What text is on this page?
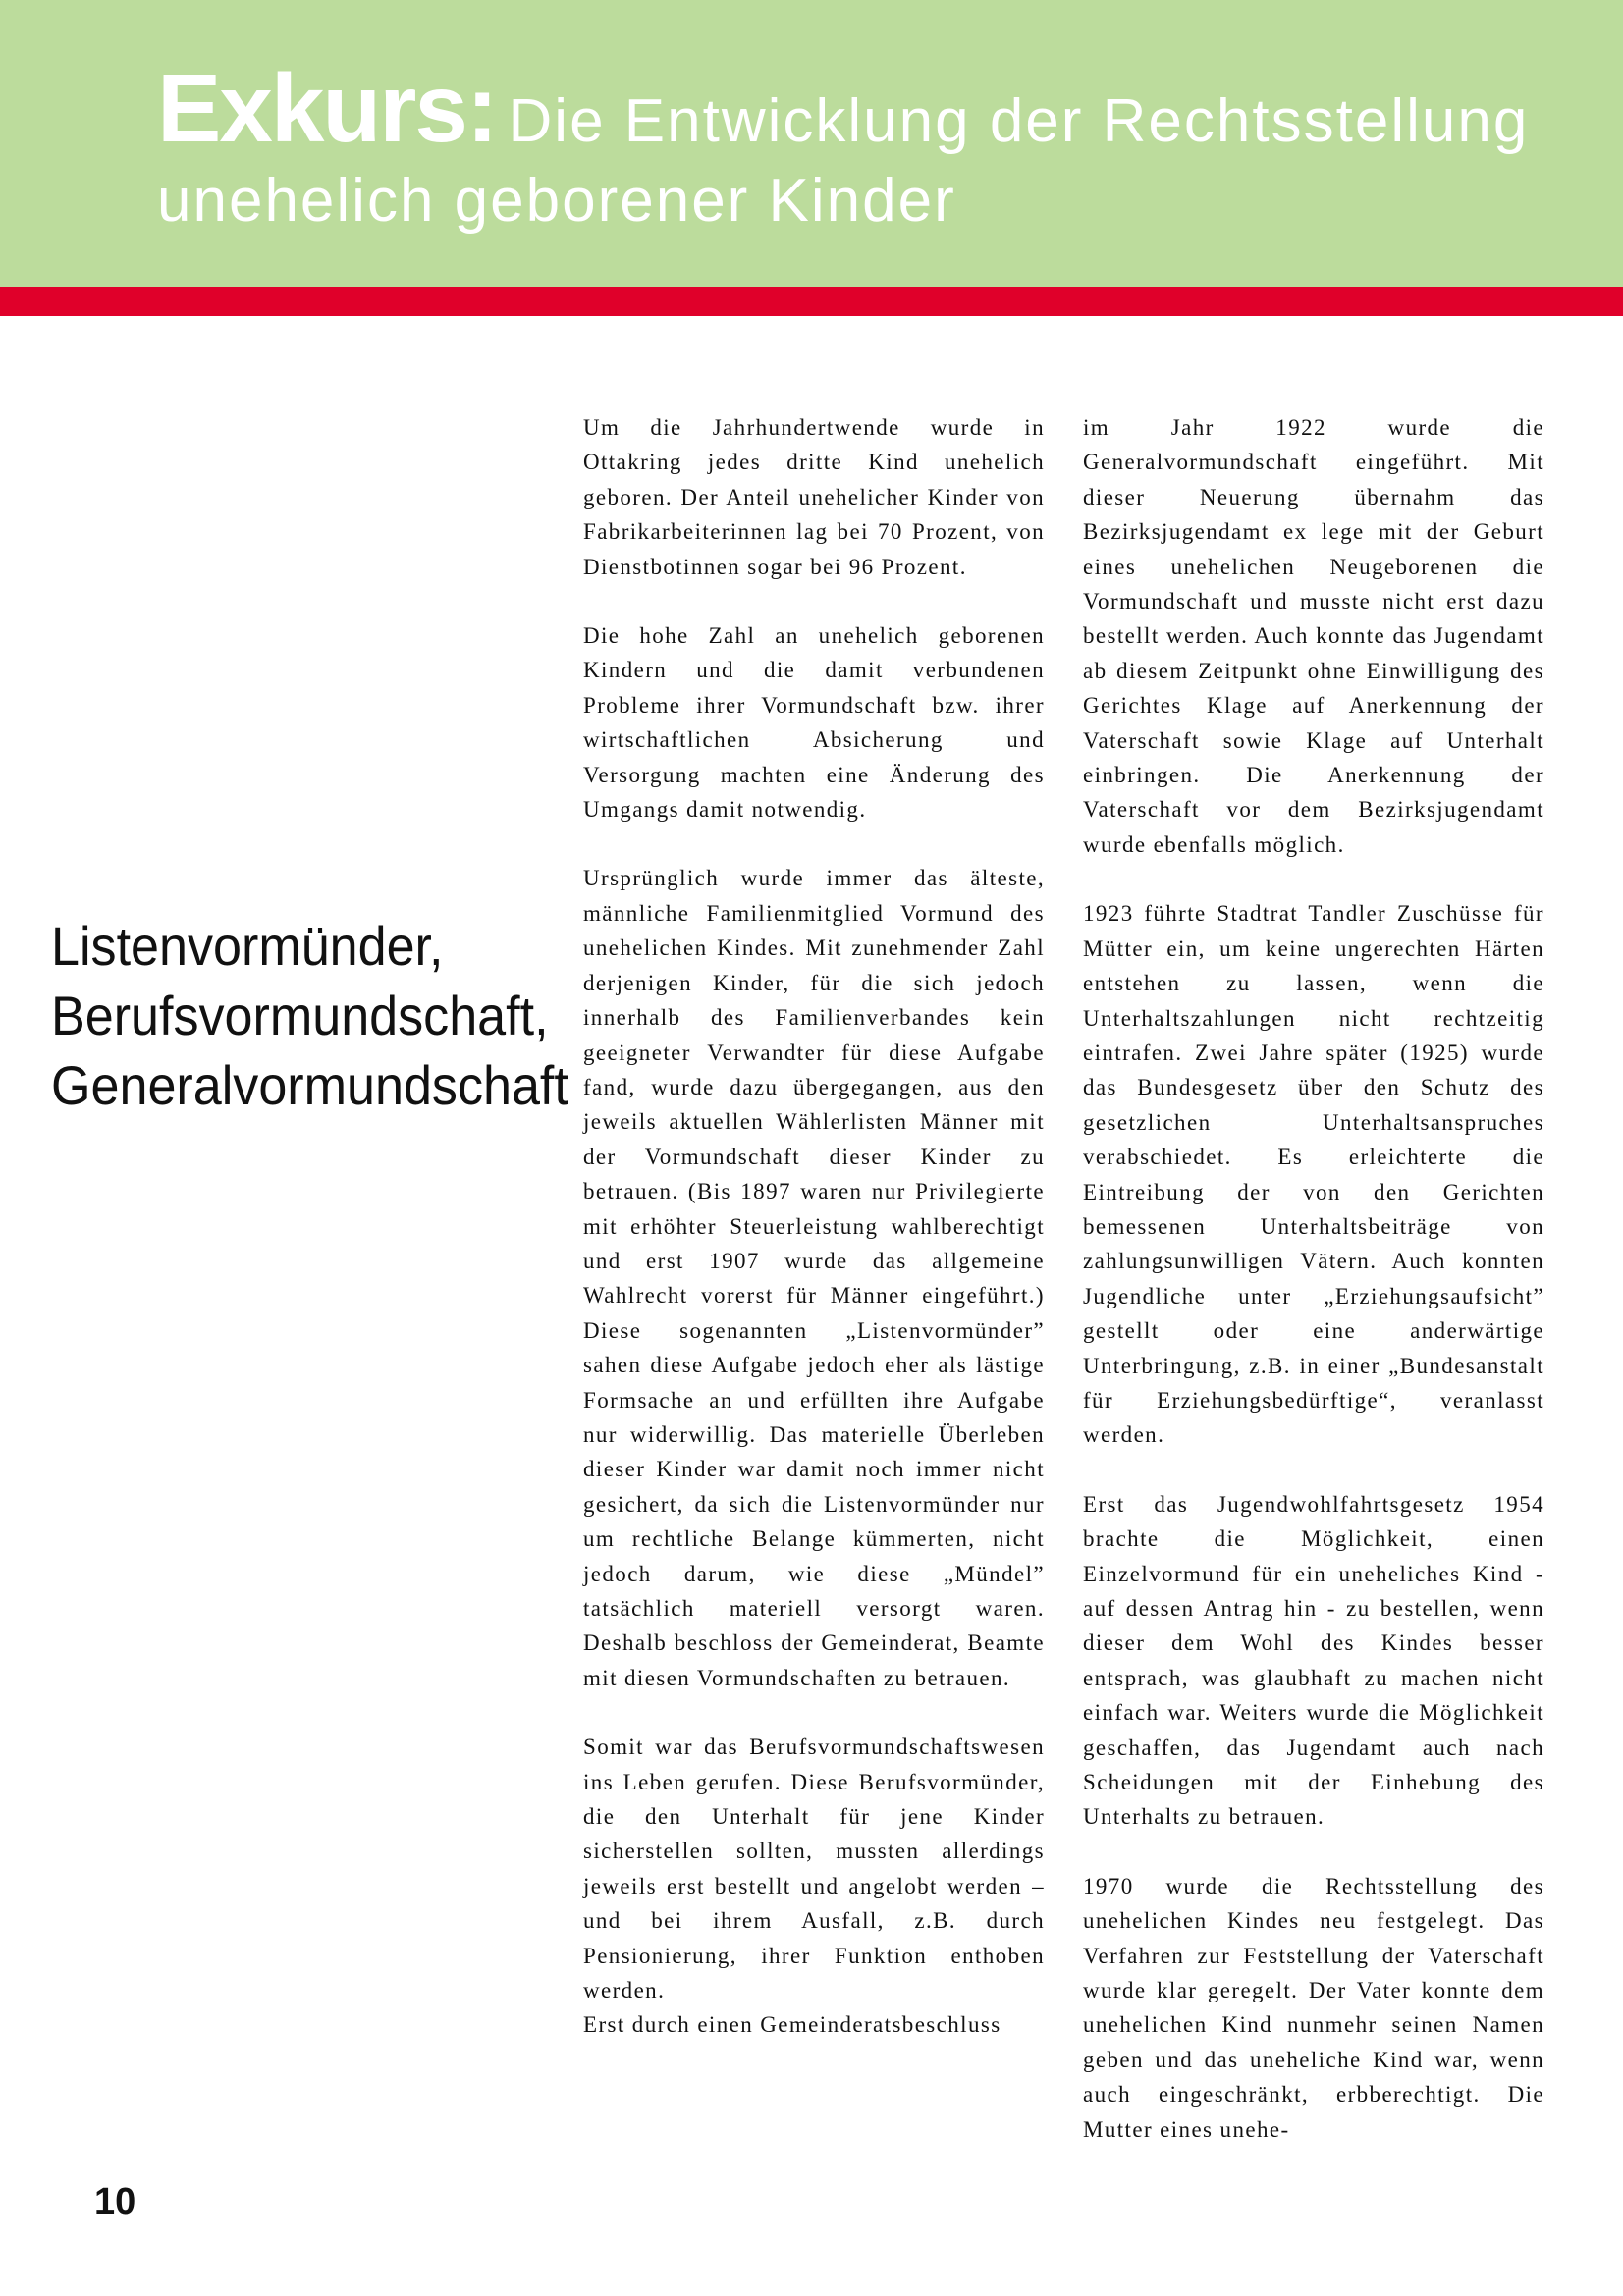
Exkurs: Die Entwicklung der Rechtsstellung
unehelich geborener Kinder
Listenvormünder,
Berufsvormundschaft,
Generalvormundschaft

Um die Jahrhundertwende wurde in Ottakring jedes dritte Kind unehelich geboren. Der Anteil unehelicher Kinder von Fabrikarbeiterinnen lag bei 70 Prozent, von Dienstbotinnen sogar bei 96 Prozent.

Die hohe Zahl an unehelich geborenen Kindern und die damit verbundenen Probleme ihrer Vormundschaft bzw. ihrer wirtschaftlichen Absicherung und Versorgung machten eine Änderung des Umgangs damit notwendig.

Ursprünglich wurde immer das älteste, männliche Familienmitglied Vormund des unehelichen Kindes. Mit zunehmender Zahl derjenigen Kinder, für die sich jedoch innerhalb des Familienverbandes kein geeigneter Verwandter für diese Aufgabe fand, wurde dazu übergegangen, aus den jeweils aktuellen Wählerlisten Männer mit der Vormundschaft dieser Kinder zu betrauen. (Bis 1897 waren nur Privilegierte mit erhöhter Steuerleistung wahlberechtigt und erst 1907 wurde das allgemeine Wahlrecht vorerst für Männer eingeführt.) Diese sogenannten „Listenvormünder” sahen diese Aufgabe jedoch eher als lästige Formsache an und erfüllten ihre Aufgabe nur widerwillig. Das materielle Überleben dieser Kinder war damit noch immer nicht gesichert, da sich die Listenvormünder nur um rechtliche Belange kümmerten, nicht jedoch darum, wie diese „Mündel” tatsächlich materiell versorgt waren. Deshalb beschloss der Gemeinderat, Beamte mit diesen Vormundschaften zu betrauen.

Somit war das Berufsvormundschaftswesen ins Leben gerufen. Diese Berufsvormünder, die den Unterhalt für jene Kinder sicherstellen sollten, mussten allerdings jeweils erst bestellt und angelobt werden – und bei ihrem Ausfall, z.B. durch Pensionierung, ihrer Funktion enthoben werden.

Erst durch einen Gemeinderatsbeschluss

im Jahr 1922 wurde die Generalvormundschaft eingeführt. Mit dieser Neuerung übernahm das Bezirksjugendamt ex lege mit der Geburt eines unehelichen Neugeborenen die Vormundschaft und musste nicht erst dazu bestellt werden. Auch konnte das Jugendamt ab diesem Zeitpunkt ohne Einwilligung des Gerichtes Klage auf Anerkennung der Vaterschaft sowie Klage auf Unterhalt einbringen. Die Anerkennung der Vaterschaft vor dem Bezirksjugendamt wurde ebenfalls möglich.

1923 führte Stadtrat Tandler Zuschüsse für Mütter ein, um keine ungerechten Härten entstehen zu lassen, wenn die Unterhaltszahlungen nicht rechtzeitig eintrafen. Zwei Jahre später (1925) wurde das Bundesgesetz über den Schutz des gesetzlichen Unterhaltsanspruches verabschiedet. Es erleichterte die Eintreibung der von den Gerichten bemessenen Unterhaltsbeiträge von zahlungsunwilligen Vätern. Auch konnten Jugendliche unter „Erziehungsaufsicht” gestellt oder eine anderwärtige Unterbringung, z.B. in einer „Bundesanstalt für Erziehungsbedürftige“, veranlasst werden.

Erst das Jugendwohlfahrtsgesetz 1954 brachte die Möglichkeit, einen Einzelvormund für ein uneheliches Kind - auf dessen Antrag hin - zu bestellen, wenn dieser dem Wohl des Kindes besser entsprach, was glaubhaft zu machen nicht einfach war. Weiters wurde die Möglichkeit geschaffen, das Jugendamt auch nach Scheidungen mit der Einhebung des Unterhalts zu betrauen.

1970 wurde die Rechtsstellung des unehelichen Kindes neu festgelegt. Das Verfahren zur Feststellung der Vaterschaft wurde klar geregelt. Der Vater konnte dem unehelichen Kind nunmehr seinen Namen geben und das uneheliche Kind war, wenn auch eingeschränkt, erbberechtigt. Die Mutter eines unehe-

10
